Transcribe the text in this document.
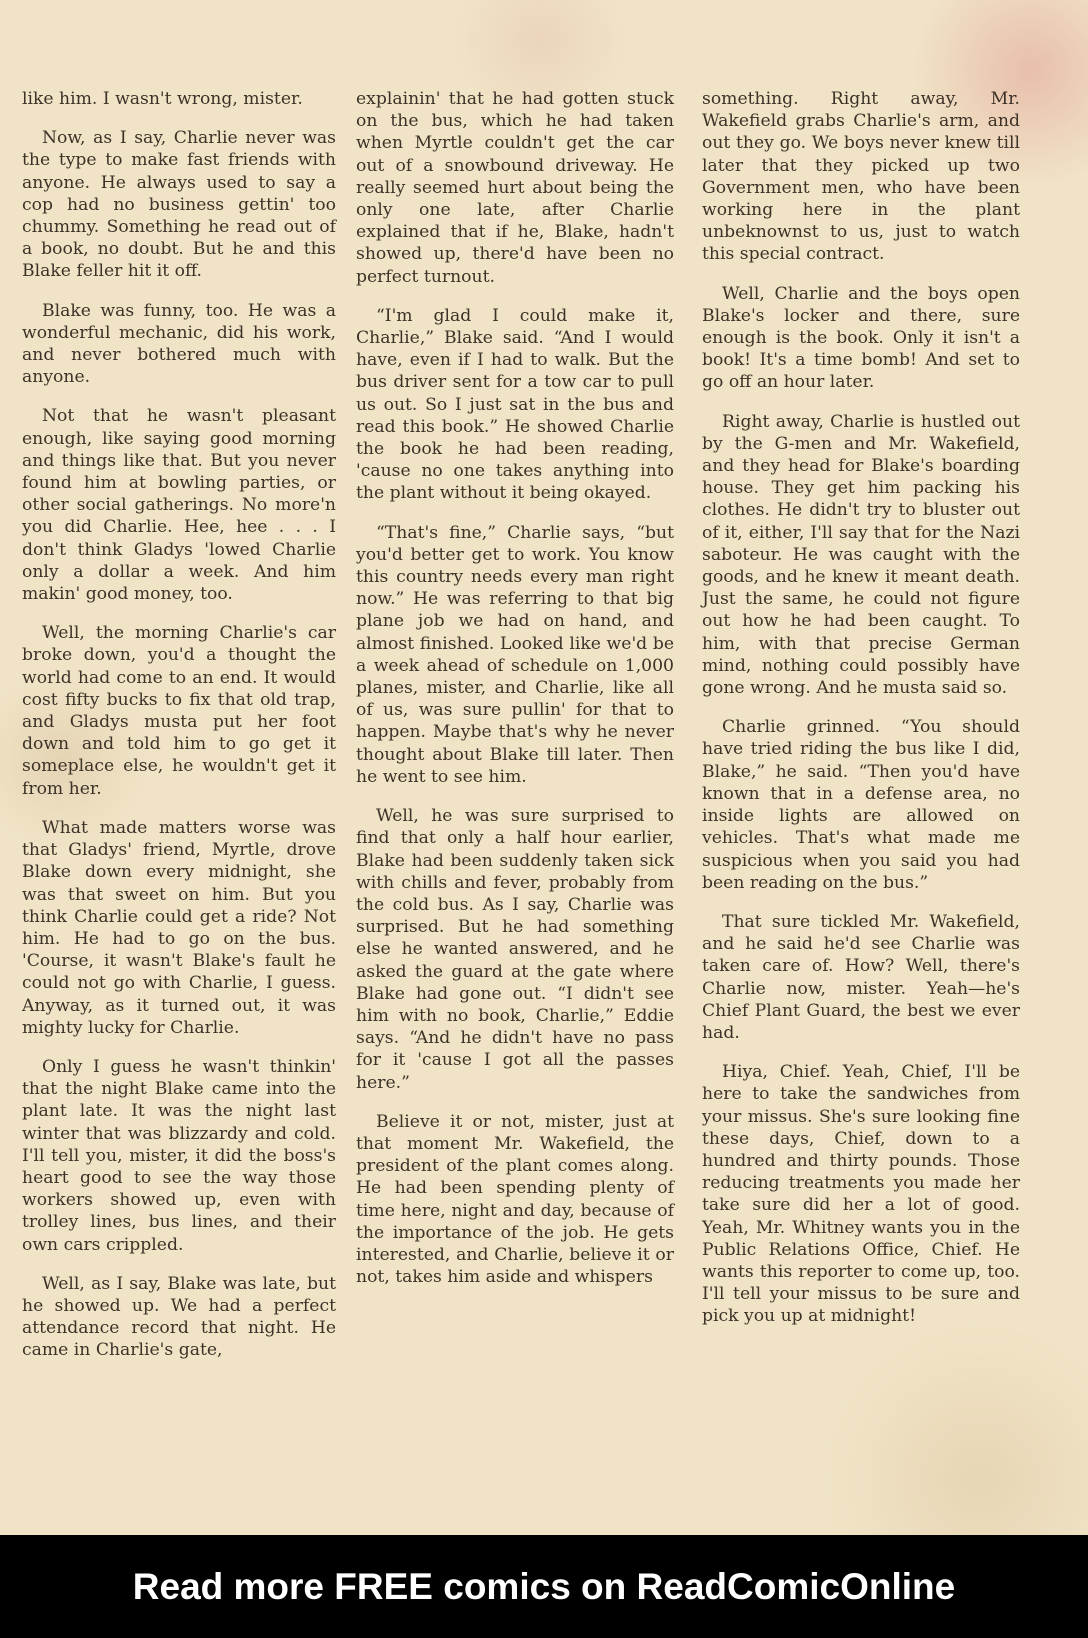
like him. I wasn't wrong, mister.

Now, as I say, Charlie never was the type to make fast friends with anyone. He always used to say a cop had no business gettin' too chummy. Something he read out of a book, no doubt. But he and this Blake feller hit it off.

Blake was funny, too. He was a wonderful mechanic, did his work, and never bothered much with anyone.

Not that he wasn't pleasant enough, like saying good morning and things like that. But you never found him at bowling parties, or other social gatherings. No more'n you did Charlie. Hee, hee . . . I don't think Gladys 'lowed Charlie only a dollar a week. And him makin' good money, too.

Well, the morning Charlie's car broke down, you'd a thought the world had come to an end. It would cost fifty bucks to fix that old trap, and Gladys musta put her foot down and told him to go get it someplace else, he wouldn't get it from her.

What made matters worse was that Gladys' friend, Myrtle, drove Blake down every midnight, she was that sweet on him. But you think Charlie could get a ride? Not him. He had to go on the bus. 'Course, it wasn't Blake's fault he could not go with Charlie, I guess. Anyway, as it turned out, it was mighty lucky for Charlie.

Only I guess he wasn't thinkin' that the night Blake came into the plant late. It was the night last winter that was blizzardy and cold. I'll tell you, mister, it did the boss's heart good to see the way those workers showed up, even with trolley lines, bus lines, and their own cars crippled.

Well, as I say, Blake was late, but he showed up. We had a perfect attendance record that night. He came in Charlie's gate,

explainin' that he had gotten stuck on the bus, which he had taken when Myrtle couldn't get the car out of a snowbound driveway. He really seemed hurt about being the only one late, after Charlie explained that if he, Blake, hadn't showed up, there'd have been no perfect turnout.

“I'm glad I could make it, Charlie,” Blake said. “And I would have, even if I had to walk. But the bus driver sent for a tow car to pull us out. So I just sat in the bus and read this book.” He showed Charlie the book he had been reading, 'cause no one takes anything into the plant without it being okayed.

“That's fine,” Charlie says, “but you'd better get to work. You know this country needs every man right now.” He was referring to that big plane job we had on hand, and almost finished. Looked like we'd be a week ahead of schedule on 1,000 planes, mister, and Charlie, like all of us, was sure pullin' for that to happen. Maybe that's why he never thought about Blake till later. Then he went to see him.

Well, he was sure surprised to find that only a half hour earlier, Blake had been suddenly taken sick with chills and fever, probably from the cold bus. As I say, Charlie was surprised. But he had something else he wanted answered, and he asked the guard at the gate where Blake had gone out. “I didn't see him with no book, Charlie,” Eddie says. “And he didn't have no pass for it 'cause I got all the passes here.”

Believe it or not, mister, just at that moment Mr. Wakefield, the president of the plant comes along. He had been spending plenty of time here, night and day, because of the importance of the job. He gets interested, and Charlie, believe it or not, takes him aside and whispers

something. Right away, Mr. Wakefield grabs Charlie's arm, and out they go. We boys never knew till later that they picked up two Government men, who have been working here in the plant unbeknownst to us, just to watch this special contract.

Well, Charlie and the boys open Blake's locker and there, sure enough is the book. Only it isn't a book! It's a time bomb! And set to go off an hour later.

Right away, Charlie is hustled out by the G-men and Mr. Wakefield, and they head for Blake's boarding house. They get him packing his clothes. He didn't try to bluster out of it, either, I'll say that for the Nazi saboteur. He was caught with the goods, and he knew it meant death. Just the same, he could not figure out how he had been caught. To him, with that precise German mind, nothing could possibly have gone wrong. And he musta said so.

Charlie grinned. “You should have tried riding the bus like I did, Blake,” he said. “Then you'd have known that in a defense area, no inside lights are allowed on vehicles. That's what made me suspicious when you said you had been reading on the bus.”

That sure tickled Mr. Wakefield, and he said he'd see Charlie was taken care of. How? Well, there's Charlie now, mister. Yeah—he's Chief Plant Guard, the best we ever had.

Hiya, Chief. Yeah, Chief, I'll be here to take the sandwiches from your missus. She's sure looking fine these days, Chief, down to a hundred and thirty pounds. Those reducing treatments you made her take sure did her a lot of good. Yeah, Mr. Whitney wants you in the Public Relations Office, Chief. He wants this reporter to come up, too. I'll tell your missus to be sure and pick you up at midnight!

Read more FREE comics on ReadComicOnline
